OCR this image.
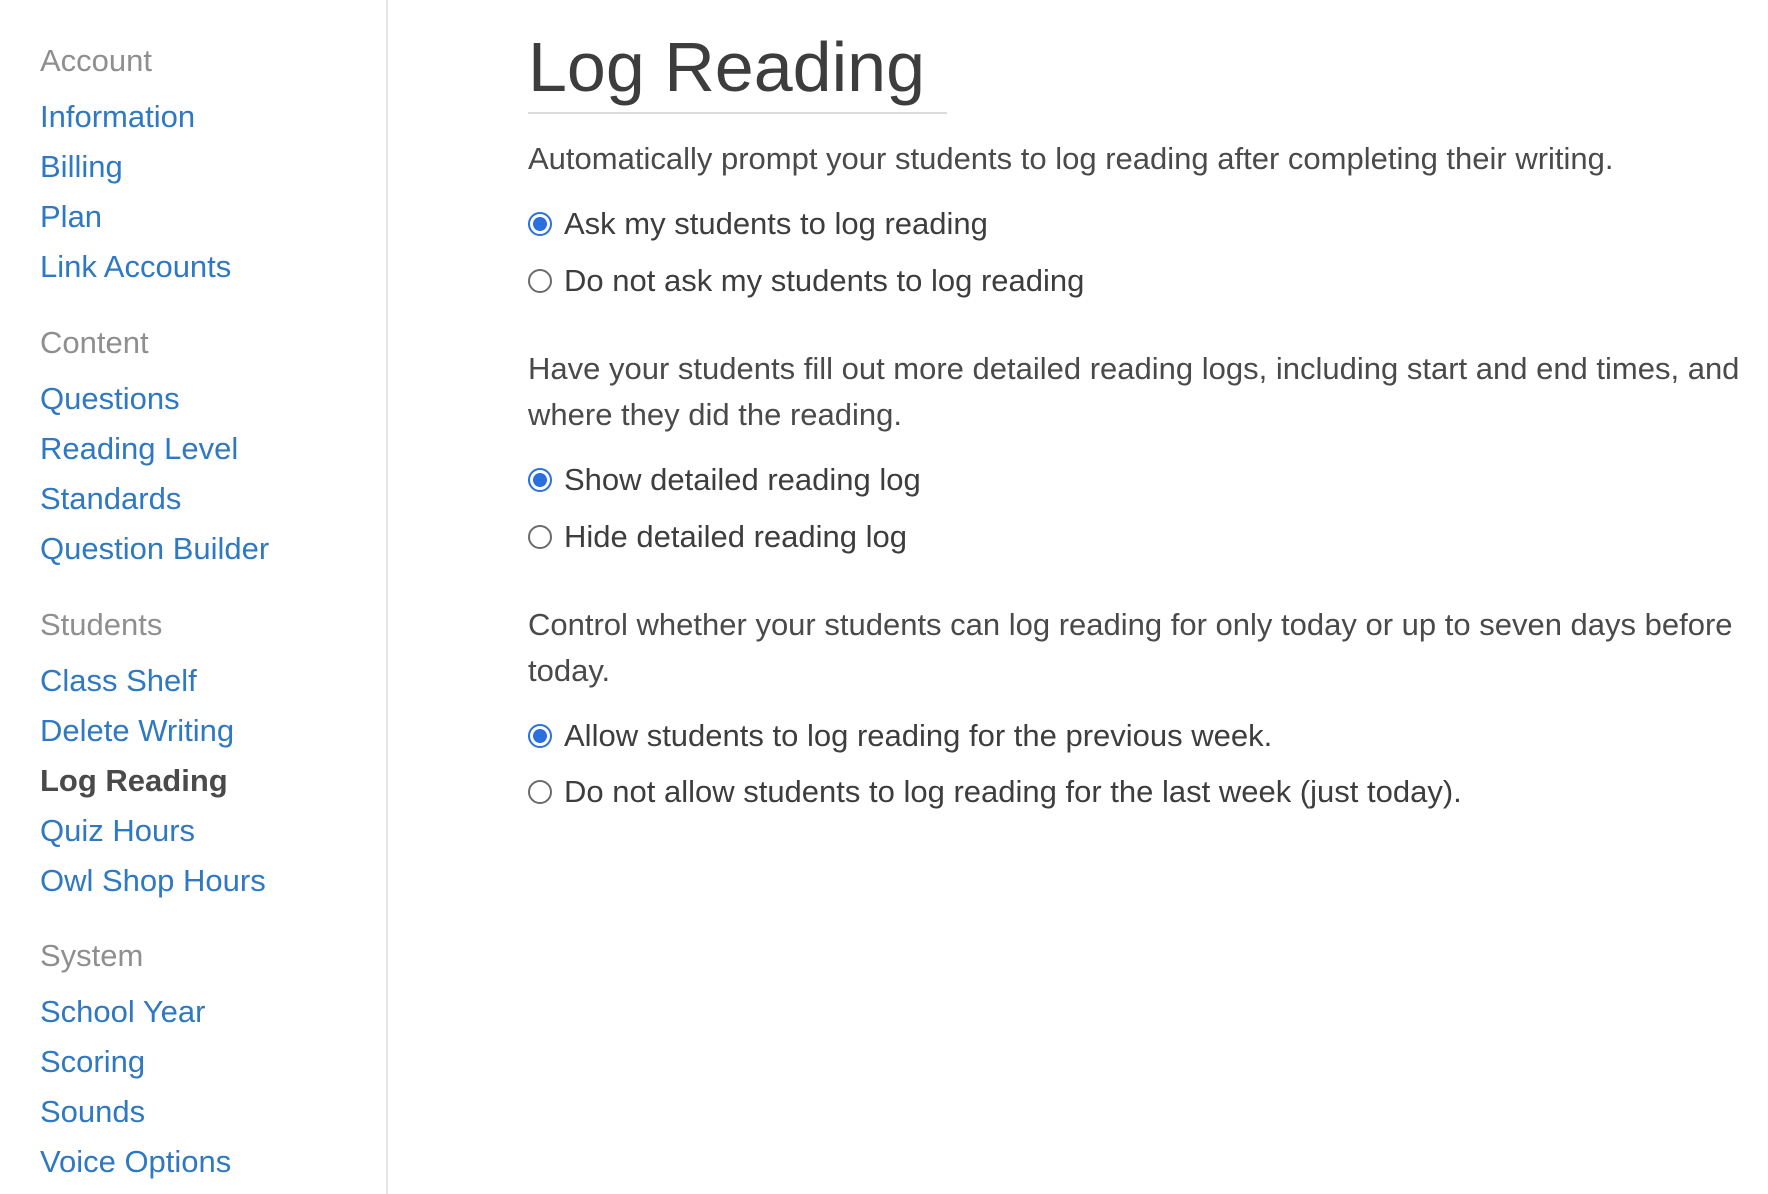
Account
Information
Billing
Plan
Link Accounts
Content
Questions
Reading Level
Standards
Question Builder
Students
Class Shelf
Delete Writing
Log Reading
Quiz Hours
Owl Shop Hours
System
School Year
Scoring
Sounds
Voice Options
Log Reading

Automatically prompt your students to log reading after completing their writing.

Ask my students to log reading
Do not ask my students to log reading

Have your students fill out more detailed reading logs, including start and end times, and where they did the reading.

Show detailed reading log
Hide detailed reading log

Control whether your students can log reading for only today or up to seven days before today.

Allow students to log reading for the previous week.
Do not allow students to log reading for the last week (just today).
